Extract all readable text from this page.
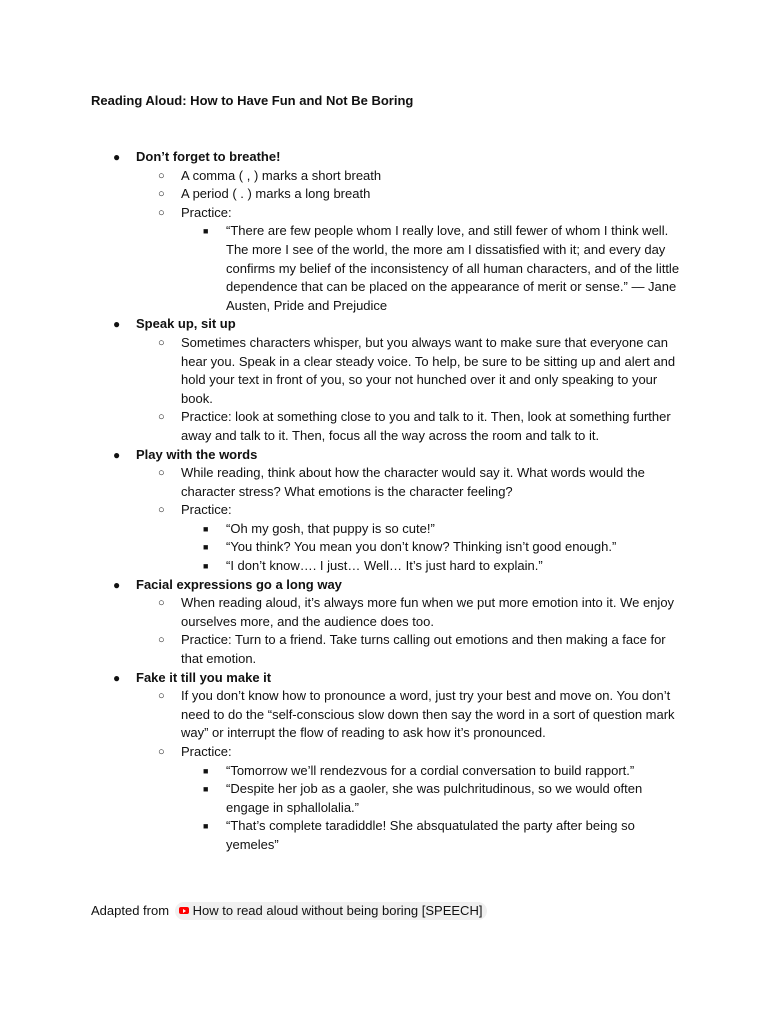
Reading Aloud: How to Have Fun and Not Be Boring
● Don’t forget to breathe!
○ A comma ( , ) marks a short breath
○ A period ( . ) marks a long breath
○ Practice:
■ “There are few people whom I really love, and still fewer of whom I think well. The more I see of the world, the more am I dissatisfied with it; and every day confirms my belief of the inconsistency of all human characters, and of the little dependence that can be placed on the appearance of merit or sense.” — Jane Austen, Pride and Prejudice
● Speak up, sit up
○ Sometimes characters whisper, but you always want to make sure that everyone can hear you. Speak in a clear steady voice. To help, be sure to be sitting up and alert and hold your text in front of you, so your not hunched over it and only speaking to your book.
○ Practice: look at something close to you and talk to it. Then, look at something further away and talk to it. Then, focus all the way across the room and talk to it.
● Play with the words
○ While reading, think about how the character would say it. What words would the character stress? What emotions is the character feeling?
○ Practice:
■ “Oh my gosh, that puppy is so cute!”
■ “You think? You mean you don’t know? Thinking isn’t good enough.”
■ “I don’t know…. I just… Well… It’s just hard to explain.”
● Facial expressions go a long way
○ When reading aloud, it’s always more fun when we put more emotion into it. We enjoy ourselves more, and the audience does too.
○ Practice: Turn to a friend. Take turns calling out emotions and then making a face for that emotion.
● Fake it till you make it
○ If you don’t know how to pronounce a word, just try your best and move on. You don’t need to do the “self-conscious slow down then say the word in a sort of question mark way” or interrupt the flow of reading to ask how it’s pronounced.
○ Practice:
■ “Tomorrow we’ll rendezvous for a cordial conversation to build rapport.”
■ “Despite her job as a gaoler, she was pulchritudinous, so we would often engage in sphallolalia.”
■ “That’s complete taradiddle! She absquatulated the party after being so yemeles”
Adapted from How to read aloud without being boring [SPEECH]
